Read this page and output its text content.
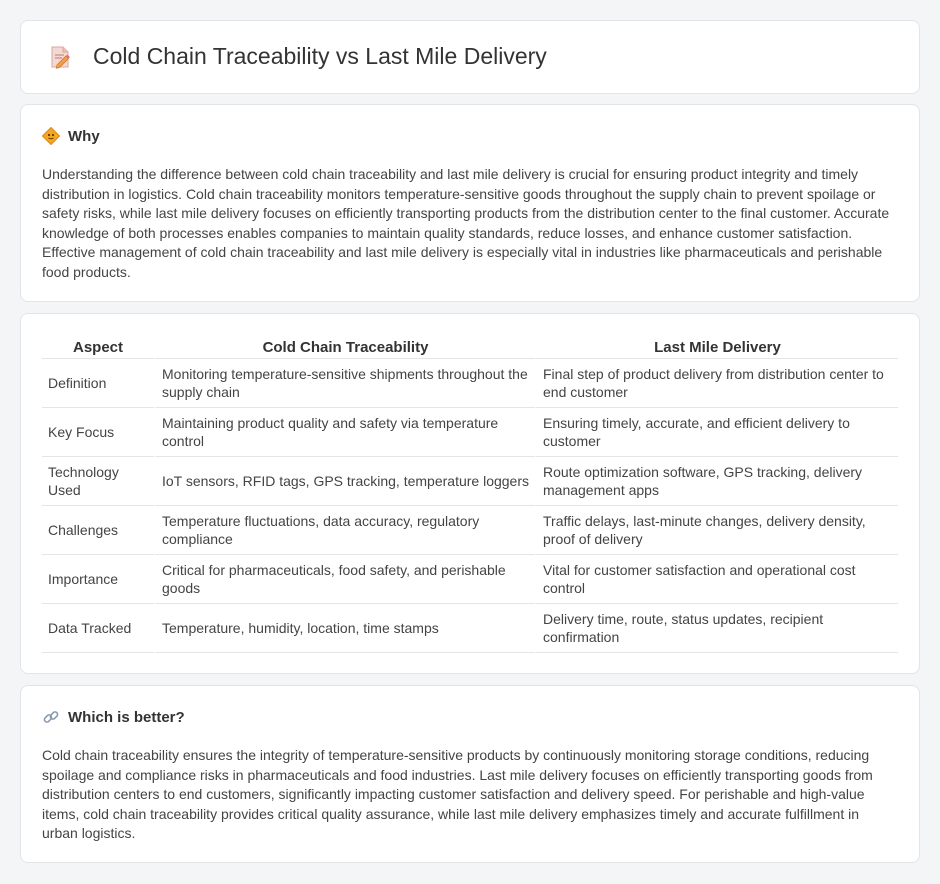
Cold Chain Traceability vs Last Mile Delivery
Why

Understanding the difference between cold chain traceability and last mile delivery is crucial for ensuring product integrity and timely distribution in logistics. Cold chain traceability monitors temperature-sensitive goods throughout the supply chain to prevent spoilage or safety risks, while last mile delivery focuses on efficiently transporting products from the distribution center to the final customer. Accurate knowledge of both processes enables companies to maintain quality standards, reduce losses, and enhance customer satisfaction. Effective management of cold chain traceability and last mile delivery is especially vital in industries like pharmaceuticals and perishable food products.

Aspect	Cold Chain Traceability	Last Mile Delivery
Definition	Monitoring temperature-sensitive shipments throughout the supply chain	Final step of product delivery from distribution center to end customer
Key Focus	Maintaining product quality and safety via temperature control	Ensuring timely, accurate, and efficient delivery to customer
Technology Used	IoT sensors, RFID tags, GPS tracking, temperature loggers	Route optimization software, GPS tracking, delivery management apps
Challenges	Temperature fluctuations, data accuracy, regulatory compliance	Traffic delays, last-minute changes, delivery density, proof of delivery
Importance	Critical for pharmaceuticals, food safety, and perishable goods	Vital for customer satisfaction and operational cost control
Data Tracked	Temperature, humidity, location, time stamps	Delivery time, route, status updates, recipient confirmation
Which is better?

Cold chain traceability ensures the integrity of temperature-sensitive products by continuously monitoring storage conditions, reducing spoilage and compliance risks in pharmaceuticals and food industries. Last mile delivery focuses on efficiently transporting goods from distribution centers to end customers, significantly impacting customer satisfaction and delivery speed. For perishable and high-value items, cold chain traceability provides critical quality assurance, while last mile delivery emphasizes timely and accurate fulfillment in urban logistics.
